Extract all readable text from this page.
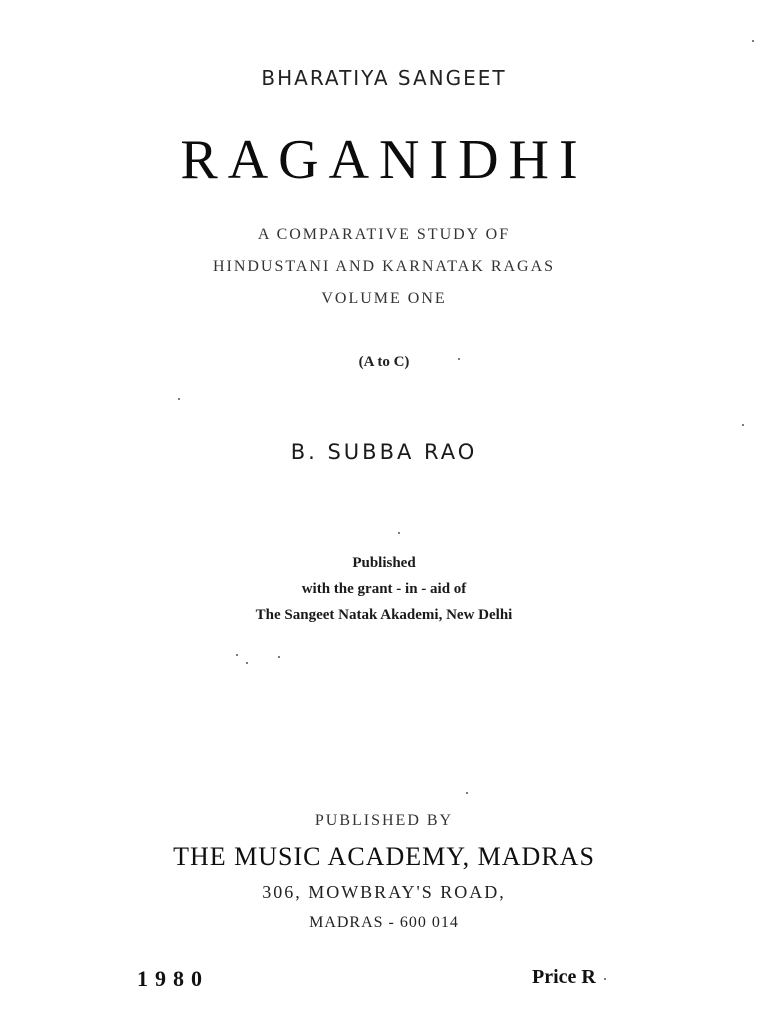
BHARATIYA SANGEET
RAGANIDHI
A COMPARATIVE STUDY OF
HINDUSTANI AND KARNATAK RAGAS
VOLUME ONE
(A to C)
B. SUBBA RAO
Published
with the grant - in - aid of
The Sangeet Natak Akademi, New Delhi
PUBLISHED BY
THE MUSIC ACADEMY, MADRAS
306, MOWBRAY'S ROAD,
MADRAS - 600 014
1980	Price R
